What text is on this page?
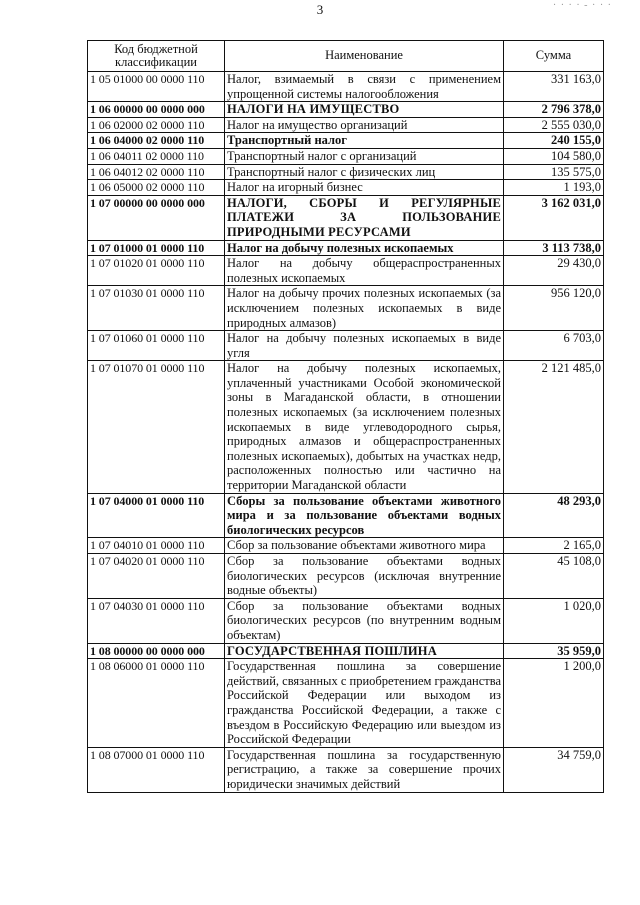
3	· · · · - · · ·
Код бюджетной классификации	Наименование	Сумма
1 05 01000 00 0000 110	Налог, взимаемый в связи с применением упрощенной системы налогообложения	331 163,0
1 06 00000 00 0000 000	НАЛОГИ НА ИМУЩЕСТВО	2 796 378,0
1 06 02000 02 0000 110	Налог на имущество организаций	2 555 030,0
1 06 04000 02 0000 110	Транспортный налог	240 155,0
1 06 04011 02 0000 110	Транспортный налог с организаций	104 580,0
1 06 04012 02 0000 110	Транспортный налог с физических лиц	135 575,0
1 06 05000 02 0000 110	Налог на игорный бизнес	1 193,0
1 07 00000 00 0000 000	НАЛОГИ, СБОРЫ И РЕГУЛЯРНЫЕ ПЛАТЕЖИ ЗА ПОЛЬЗОВАНИЕ ПРИРОДНЫМИ РЕСУРСАМИ	3 162 031,0
1 07 01000 01 0000 110	Налог на добычу полезных ископаемых	3 113 738,0
1 07 01020 01 0000 110	Налог на добычу общераспространенных полезных ископаемых	29 430,0
1 07 01030 01 0000 110	Налог на добычу прочих полезных ископаемых (за исключением полезных ископаемых в виде природных алмазов)	956 120,0
1 07 01060 01 0000 110	Налог на добычу полезных ископаемых в виде угля	6 703,0
1 07 01070 01 0000 110	Налог на добычу полезных ископаемых, уплаченный участниками Особой экономической зоны в Магаданской области, в отношении полезных ископаемых (за исключением полезных ископаемых в виде углеводородного сырья, природных алмазов и общераспространенных полезных ископаемых), добытых на участках недр, расположенных полностью или частично на территории Магаданской области	2 121 485,0
1 07 04000 01 0000 110	Сборы за пользование объектами животного мира и за пользование объектами водных биологических ресурсов	48 293,0
1 07 04010 01 0000 110	Сбор за пользование объектами животного мира	2 165,0
1 07 04020 01 0000 110	Сбор за пользование объектами водных биологических ресурсов (исключая внутренние водные объекты)	45 108,0
1 07 04030 01 0000 110	Сбор за пользование объектами водных биологических ресурсов (по внутренним водным объектам)	1 020,0
1 08 00000 00 0000 000	ГОСУДАРСТВЕННАЯ ПОШЛИНА	35 959,0
1 08 06000 01 0000 110	Государственная пошлина за совершение действий, связанных с приобретением гражданства Российской Федерации или выходом из гражданства Российской Федерации, а также с въездом в Российскую Федерацию или выездом из Российской Федерации	1 200,0
1 08 07000 01 0000 110	Государственная пошлина за государственную регистрацию, а также за совершение прочих юридически значимых действий	34 759,0
